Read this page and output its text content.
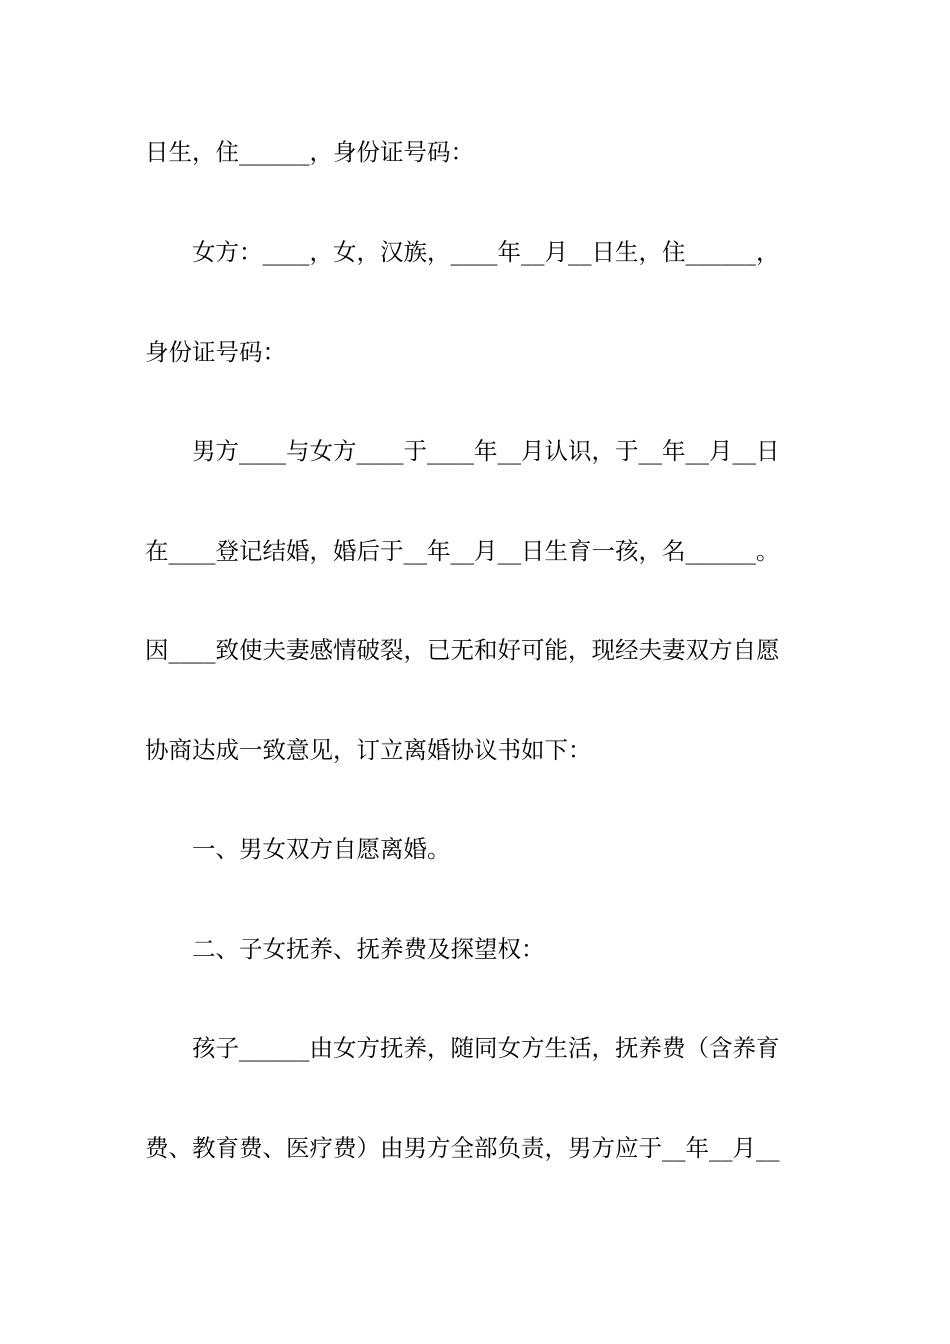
日生，住______，身份证号码：
女方：____，女，汉族，____年__月__日生，住______，
身份证号码：
男方____与女方____于____年__月认识，于__年__月__日
在____登记结婚，婚后于__年__月__日生育一孩，名______。
因____致使夫妻感情破裂，已无和好可能，现经夫妻双方自愿
协商达成一致意见，订立离婚协议书如下：
一、男女双方自愿离婚。
二、子女抚养、抚养费及探望权：
孩子______由女方抚养，随同女方生活，抚养费（含养育
费、教育费、医疗费）由男方全部负责，男方应于__年__月__
